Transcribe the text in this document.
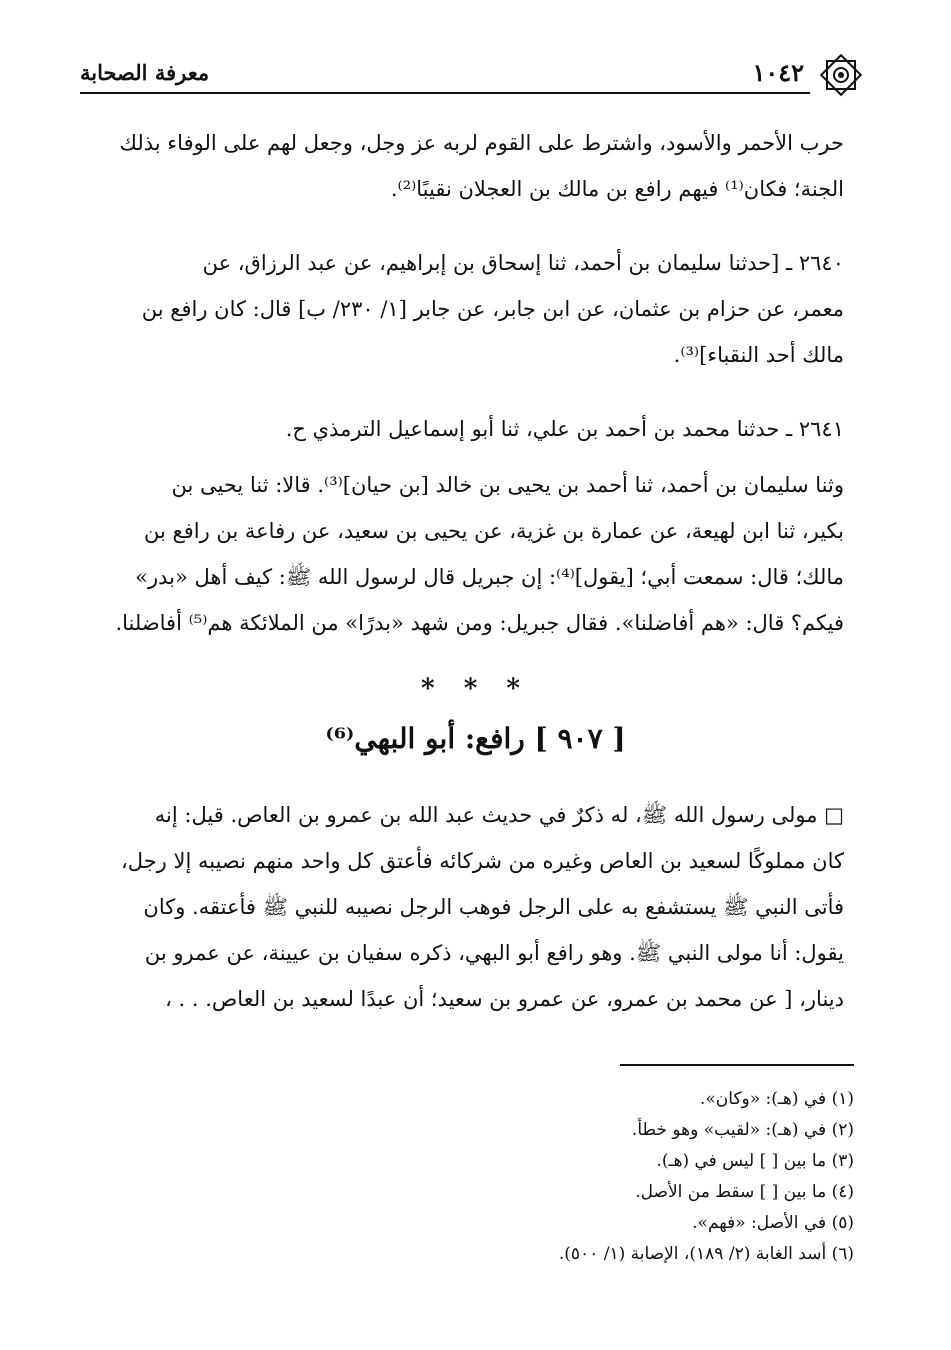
١٠٤٢
معرفة الصحابة
حرب الأحمر والأسود، واشترط على القوم لربه عز وجل، وجعل لهم على الوفاء بذلك
الجنة؛ فكان⁽¹⁾ فيهم رافع بن مالك بن العجلان نقيبًا⁽²⁾.
٢٦٤٠ ـ [حدثنا سليمان بن أحمد، ثنا إسحاق بن إبراهيم، عن عبد الرزاق، عن
معمر، عن حزام بن عثمان، عن ابن جابر، عن جابر [١/ ٢٣٠/ ب] قال: كان رافع بن
مالك أحد النقباء]⁽³⁾.
٢٦٤١ ـ حدثنا محمد بن أحمد بن علي، ثنا أبو إسماعيل الترمذي ح.
وثنا سليمان بن أحمد، ثنا أحمد بن يحيى بن خالد [بن حيان]⁽³⁾. قالا: ثنا يحيى بن
بكير، ثنا ابن لهيعة، عن عمارة بن غزية، عن يحيى بن سعيد، عن رفاعة بن رافع بن
مالك؛ قال: سمعت أبي؛ [يقول]⁽⁴⁾: إن جبريل قال لرسول الله ﷺ: كيف أهل «بدر»
فيكم؟ قال: «هم أفاضلنا». فقال جبريل: ومن شهد «بدرًا» من الملائكة هم⁽⁵⁾ أفاضلنا.
* * *
[ ٩٠٧ ] رافع: أبو البهي⁽⁶⁾
□ مولى رسول الله ﷺ، له ذكرٌ في حديث عبد الله بن عمرو بن العاص. قيل: إنه
كان مملوكًا لسعيد بن العاص وغيره من شركائه فأعتق كل واحد منهم نصيبه إلا رجل،
فأتى النبي ﷺ يستشفع به على الرجل فوهب الرجل نصيبه للنبي ﷺ فأعتقه. وكان
يقول: أنا مولى النبي ﷺ. وهو رافع أبو البهي، ذكره سفيان بن عيينة، عن عمرو بن
دينار، [ عن محمد بن عمرو، عن عمرو بن سعيد؛ أن عبدًا لسعيد بن العاص. . . ،
(١) في (هـ): «وكان».
(٢) في (هـ): «لقيب» وهو خطأ.
(٣) ما بين [ ] ليس في (هـ).
(٤) ما بين [ ] سقط من الأصل.
(٥) في الأصل: «فهم».
(٦) أسد الغابة (٢/ ١٨٩)، الإصابة (١/ ٥٠٠).
